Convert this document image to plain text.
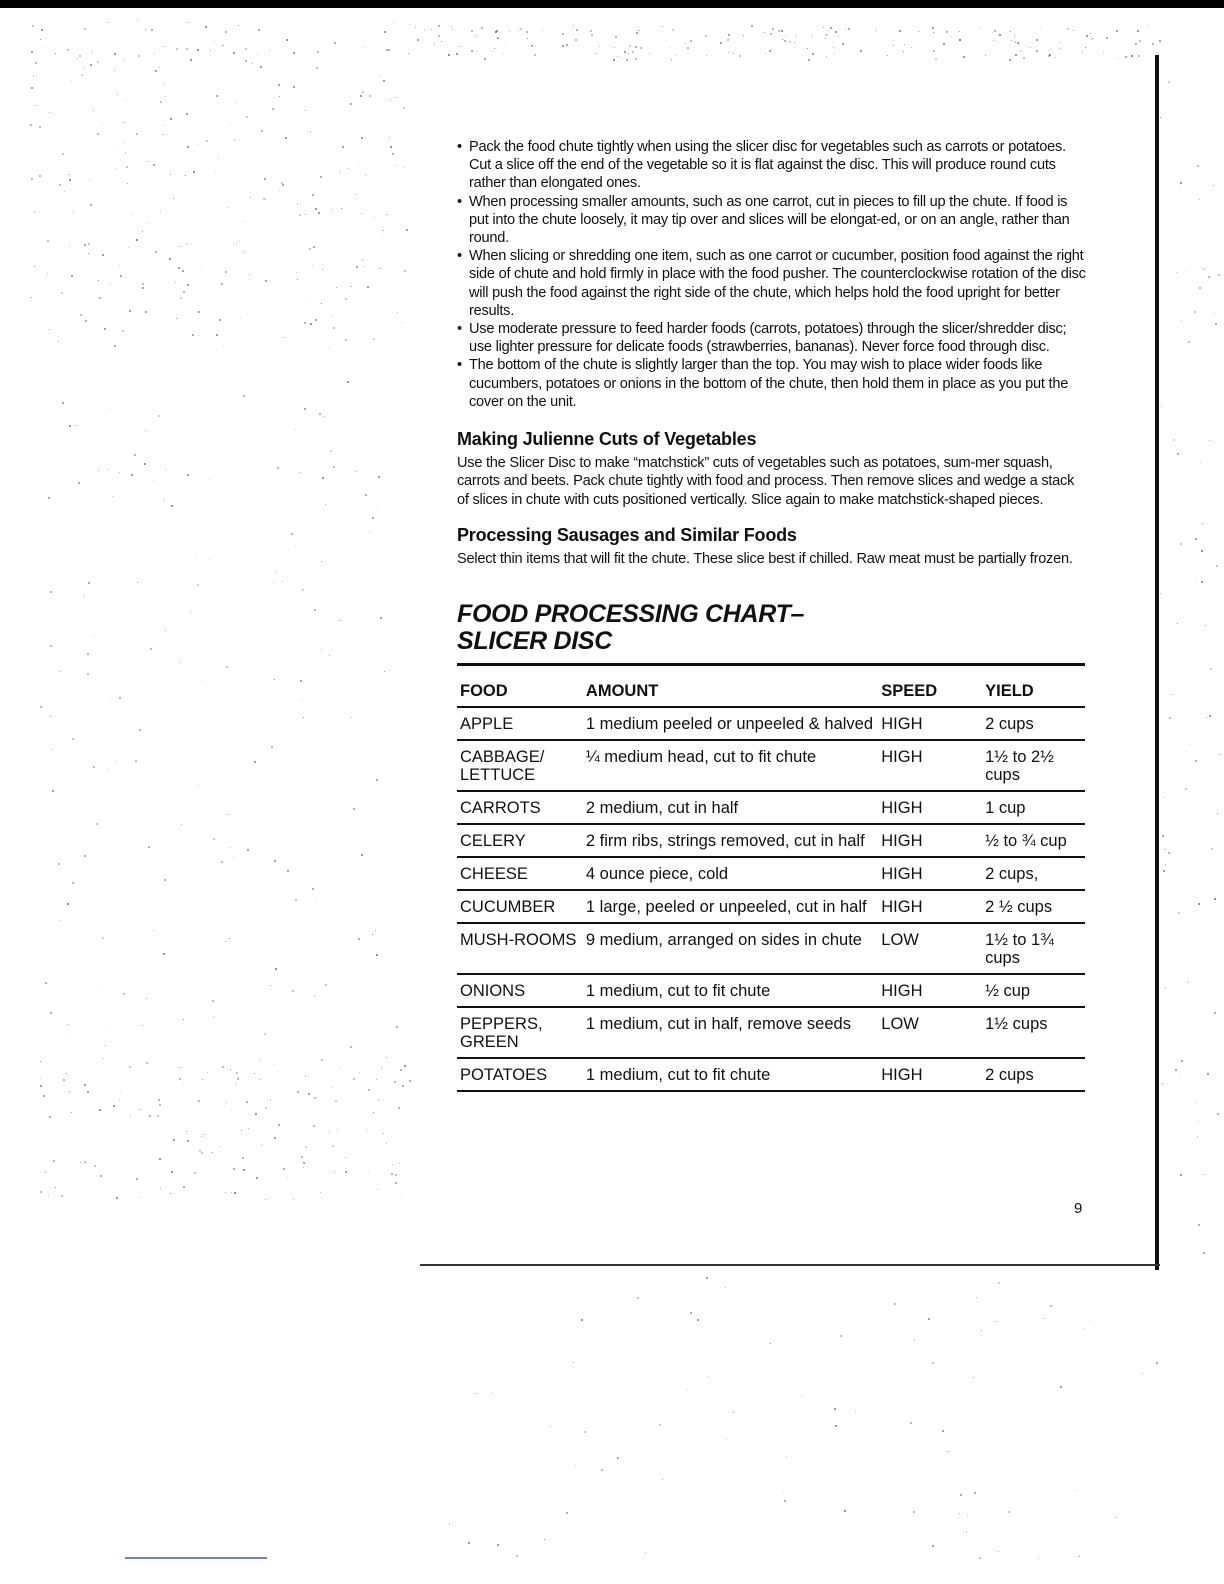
• Pack the food chute tightly when using the slicer disc for vegetables such as carrots or potatoes. Cut a slice off the end of the vegetable so it is flat against the disc. This will produce round cuts rather than elongated ones.
• When processing smaller amounts, such as one carrot, cut in pieces to fill up the chute. If food is put into the chute loosely, it may tip over and slices will be elongat-ed, or on an angle, rather than round.
• When slicing or shredding one item, such as one carrot or cucumber, position food against the right side of chute and hold firmly in place with the food pusher. The counterclockwise rotation of the disc will push the food against the right side of the chute, which helps hold the food upright for better results.
• Use moderate pressure to feed harder foods (carrots, potatoes) through the slicer/shredder disc; use lighter pressure for delicate foods (strawberries, bananas). Never force food through disc.
• The bottom of the chute is slightly larger than the top. You may wish to place wider foods like cucumbers, potatoes or onions in the bottom of the chute, then hold them in place as you put the cover on the unit.
Making Julienne Cuts of Vegetables

Use the Slicer Disc to make “matchstick” cuts of vegetables such as potatoes, sum-mer squash, carrots and beets. Pack chute tightly with food and process. Then remove slices and wedge a stack of slices in chute with cuts positioned vertically. Slice again to make matchstick-shaped pieces.

Processing Sausages and Similar Foods

Select thin items that will fit the chute. These slice best if chilled. Raw meat must be partially frozen.

FOOD PROCESSING CHART–
SLICER DISC
FOOD	AMOUNT	SPEED	YIELD
APPLE	1 medium peeled or unpeeled & halved	HIGH	2 cups
CABBAGE/ LETTUCE	¼ medium head, cut to fit chute	HIGH	1½ to 2½ cups
CARROTS	2 medium, cut in half	HIGH	1 cup
CELERY	2 firm ribs, strings removed, cut in half	HIGH	½ to ¾ cup
CHEESE	4 ounce piece, cold	HIGH	2 cups,
CUCUMBER	1 large, peeled or unpeeled, cut in half	HIGH	2 ½ cups
MUSH-ROOMS	9 medium, arranged on sides in chute	LOW	1½ to 1¾ cups
ONIONS	1 medium, cut to fit chute	HIGH	½ cup
PEPPERS, GREEN	1 medium, cut in half, remove seeds	LOW	1½ cups
POTATOES	1 medium, cut to fit chute	HIGH	2 cups
9
